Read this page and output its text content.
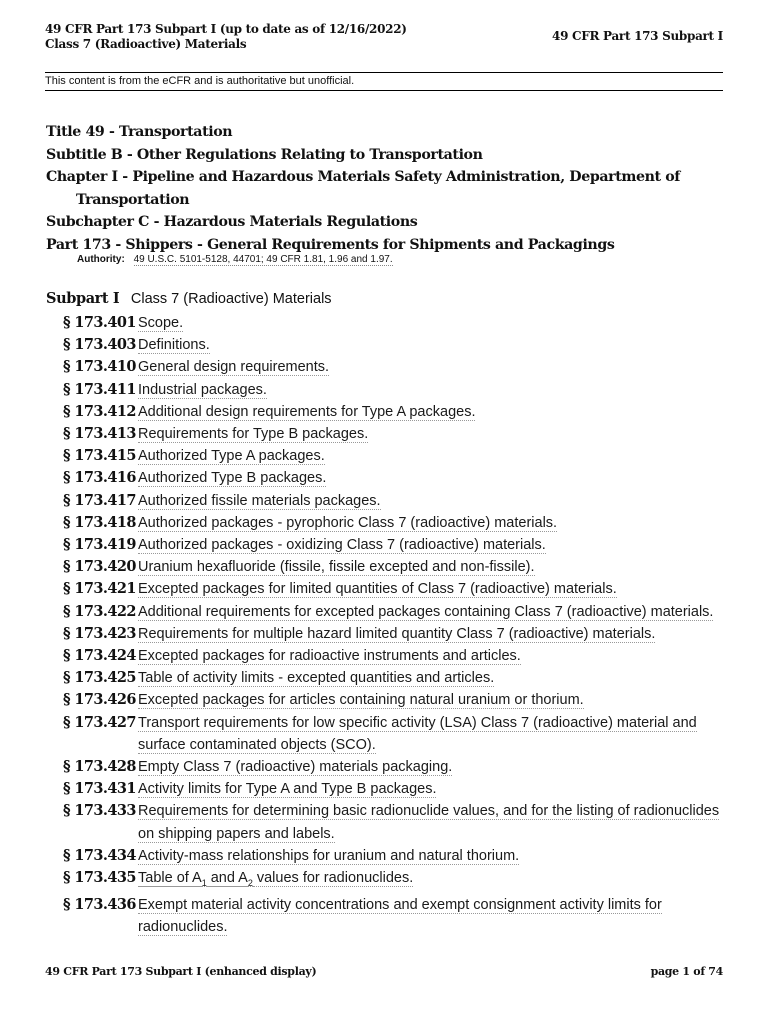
49 CFR Part 173 Subpart I (up to date as of 12/16/2022)
Class 7 (Radioactive) Materials
49 CFR Part 173 Subpart I
This content is from the eCFR and is authoritative but unofficial.
Title 49 - Transportation
Subtitle B - Other Regulations Relating to Transportation
Chapter I - Pipeline and Hazardous Materials Safety Administration, Department of
Transportation
Subchapter C - Hazardous Materials Regulations
Part 173 - Shippers - General Requirements for Shipments and Packagings
Authority: 49 U.S.C. 5101-5128, 44701; 49 CFR 1.81, 1.96 and 1.97.
Subpart I Class 7 (Radioactive) Materials
§ 173.401 Scope.
§ 173.403 Definitions.
§ 173.410 General design requirements.
§ 173.411 Industrial packages.
§ 173.412 Additional design requirements for Type A packages.
§ 173.413 Requirements for Type B packages.
§ 173.415 Authorized Type A packages.
§ 173.416 Authorized Type B packages.
§ 173.417 Authorized fissile materials packages.
§ 173.418 Authorized packages - pyrophoric Class 7 (radioactive) materials.
§ 173.419 Authorized packages - oxidizing Class 7 (radioactive) materials.
§ 173.420 Uranium hexafluoride (fissile, fissile excepted and non-fissile).
§ 173.421 Excepted packages for limited quantities of Class 7 (radioactive) materials.
§ 173.422 Additional requirements for excepted packages containing Class 7 (radioactive) materials.
§ 173.423 Requirements for multiple hazard limited quantity Class 7 (radioactive) materials.
§ 173.424 Excepted packages for radioactive instruments and articles.
§ 173.425 Table of activity limits - excepted quantities and articles.
§ 173.426 Excepted packages for articles containing natural uranium or thorium.
§ 173.427 Transport requirements for low specific activity (LSA) Class 7 (radioactive) material and surface contaminated objects (SCO).
§ 173.428 Empty Class 7 (radioactive) materials packaging.
§ 173.431 Activity limits for Type A and Type B packages.
§ 173.433 Requirements for determining basic radionuclide values, and for the listing of radionuclides on shipping papers and labels.
§ 173.434 Activity-mass relationships for uranium and natural thorium.
§ 173.435 Table of $A_1$ and $A_2$ values for radionuclides.
§ 173.436 Exempt material activity concentrations and exempt consignment activity limits for radionuclides.
49 CFR Part 173 Subpart I (enhanced display)	page 1 of 74
